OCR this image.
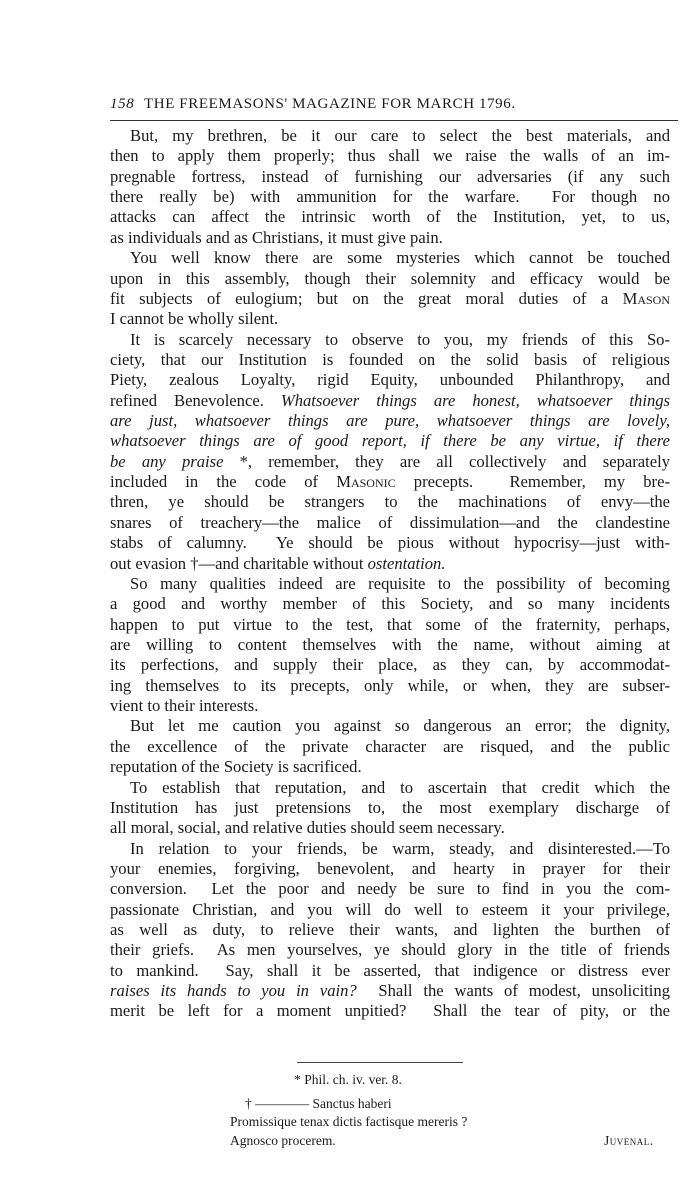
158 THE FREEMASONS' MAGAZINE FOR MARCH 1796.
But, my brethren, be it our care to select the best materials, and
then to apply them properly; thus shall we raise the walls of an im-
pregnable fortress, instead of furnishing our adversaries (if any such
there really be) with ammunition for the warfare.  For though no
attacks can affect the intrinsic worth of the Institution, yet, to us,
as individuals and as Christians, it must give pain.
You well know there are some mysteries which cannot be touched
upon in this assembly, though their solemnity and efficacy would be
fit subjects of eulogium; but on the great moral duties of a Mason
I cannot be wholly silent.
It is scarcely necessary to observe to you, my friends of this So-
ciety, that our Institution is founded on the solid basis of religious
Piety, zealous Loyalty, rigid Equity, unbounded Philanthropy, and
refined Benevolence. Whatsoever things are honest, whatsoever things
are just, whatsoever things are pure, whatsoever things are lovely,
whatsoever things are of good report, if there be any virtue, if there
be any praise *, remember, they are all collectively and separately
included in the code of Masonic precepts.  Remember, my bre-
thren, ye should be strangers to the machinations of envy—the
snares of treachery—the malice of dissimulation—and the clandestine
stabs of calumny.  Ye should be pious without hypocrisy—just with-
out evasion †—and charitable without ostentation.
So many qualities indeed are requisite to the possibility of becoming
a good and worthy member of this Society, and so many incidents
happen to put virtue to the test, that some of the fraternity, perhaps,
are willing to content themselves with the name, without aiming at
its perfections, and supply their place, as they can, by accommodat-
ing themselves to its precepts, only while, or when, they are subser-
vient to their interests.
But let me caution you against so dangerous an error; the dignity,
the excellence of the private character are risqued, and the public
reputation of the Society is sacrificed.
To establish that reputation, and to ascertain that credit which the
Institution has just pretensions to, the most exemplary discharge of
all moral, social, and relative duties should seem necessary.
In relation to your friends, be warm, steady, and disinterested.—To
your enemies, forgiving, benevolent, and hearty in prayer for their
conversion.  Let the poor and needy be sure to find in you the com-
passionate Christian, and you will do well to esteem it your privilege,
as well as duty, to relieve their wants, and lighten the burthen of
their griefs.  As men yourselves, ye should glory in the title of friends
to mankind.  Say, shall it be asserted, that indigence or distress ever
raises its hands to you in vain?  Shall the wants of modest, unsoliciting
merit be left for a moment unpitied?  Shall the tear of pity, or the
* Phil. ch. iv. ver. 8.
† ———— Sanctus haberi
Promissique tenax dictis factisque mereris ?
Agnosco procerem.	Juvenal.
